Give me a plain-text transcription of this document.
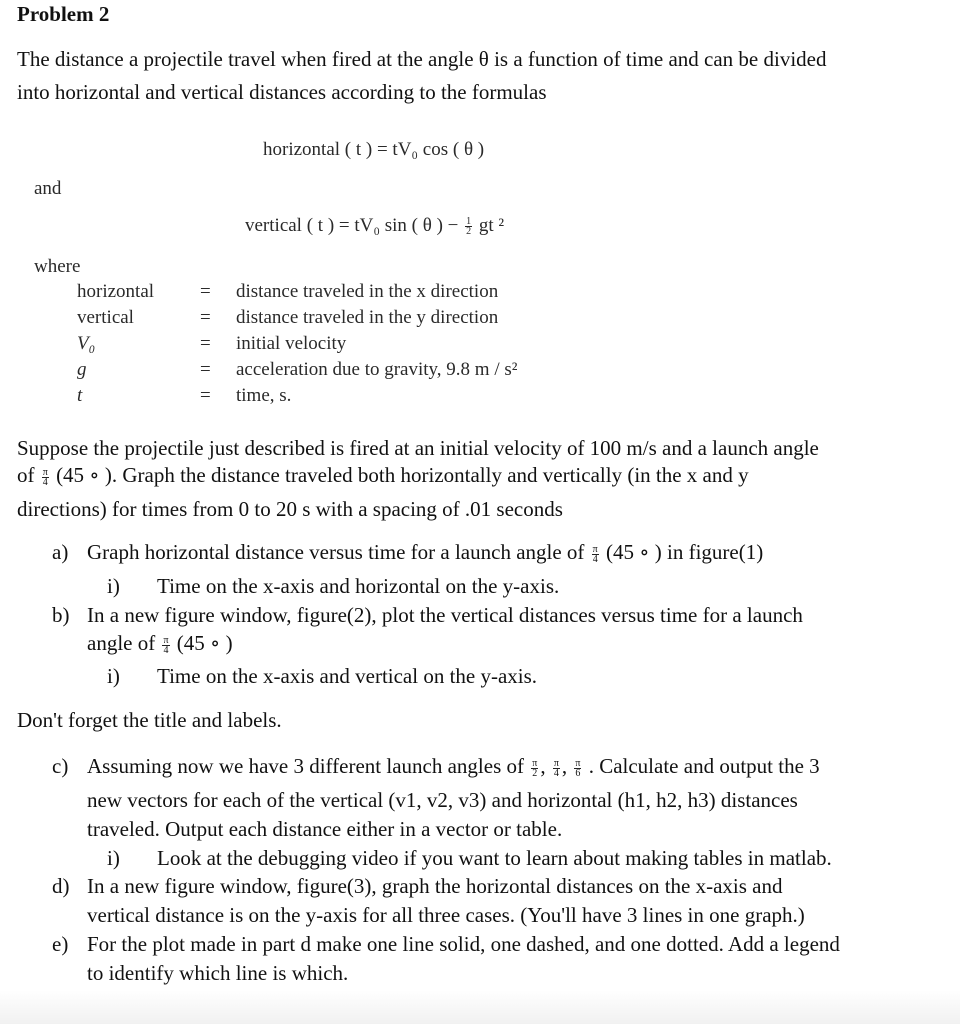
Problem 2
The distance a projectile travel when fired at the angle θ is a function of time and can be divided
into horizontal and vertical distances according to the formulas
horizontal ( t ) = tV₀ cos ( θ )
and
vertical ( t ) = tV₀ sin ( θ ) − $\frac{1}{2}$ gt ²
where
horizontal	= distance traveled in the x direction
vertical	= distance traveled in the y direction
V₀	= initial velocity
g	= acceleration due to gravity, 9.8 m / s²
t	= time, s.
Suppose the projectile just described is fired at an initial velocity of 100 m/s and a launch angle
of $\frac{\pi}{4} (45$ ∘ ). Graph the distance traveled both horizontally and vertically (in the x and y
directions) for times from 0 to 20 s with a spacing of .01 seconds
a) Graph horizontal distance versus time for a launch angle of $\frac{\pi}{4} (45$ ∘ ) in figure(1)
i) Time on the x-axis and horizontal on the y-axis.
b) In a new figure window, figure(2), plot the vertical distances versus time for a launch
angle of $\frac{\pi}{4} (45$ ∘ )
i) Time on the x-axis and vertical on the y-axis.
Don't forget the title and labels.
c) Assuming now we have 3 different launch angles of $\frac{\pi}{2}$ , $\frac{\pi}{4}$ , $\frac{\pi}{6}$ . Calculate and output the 3
new vectors for each of the vertical (v1, v2, v3) and horizontal (h1, h2, h3) distances
traveled. Output each distance either in a vector or table.
i) Look at the debugging video if you want to learn about making tables in matlab.
d) In a new figure window, figure(3), graph the horizontal distances on the x-axis and
vertical distance is on the y-axis for all three cases. (You'll have 3 lines in one graph.)
e) For the plot made in part d make one line solid, one dashed, and one dotted. Add a legend
to identify which line is which.
